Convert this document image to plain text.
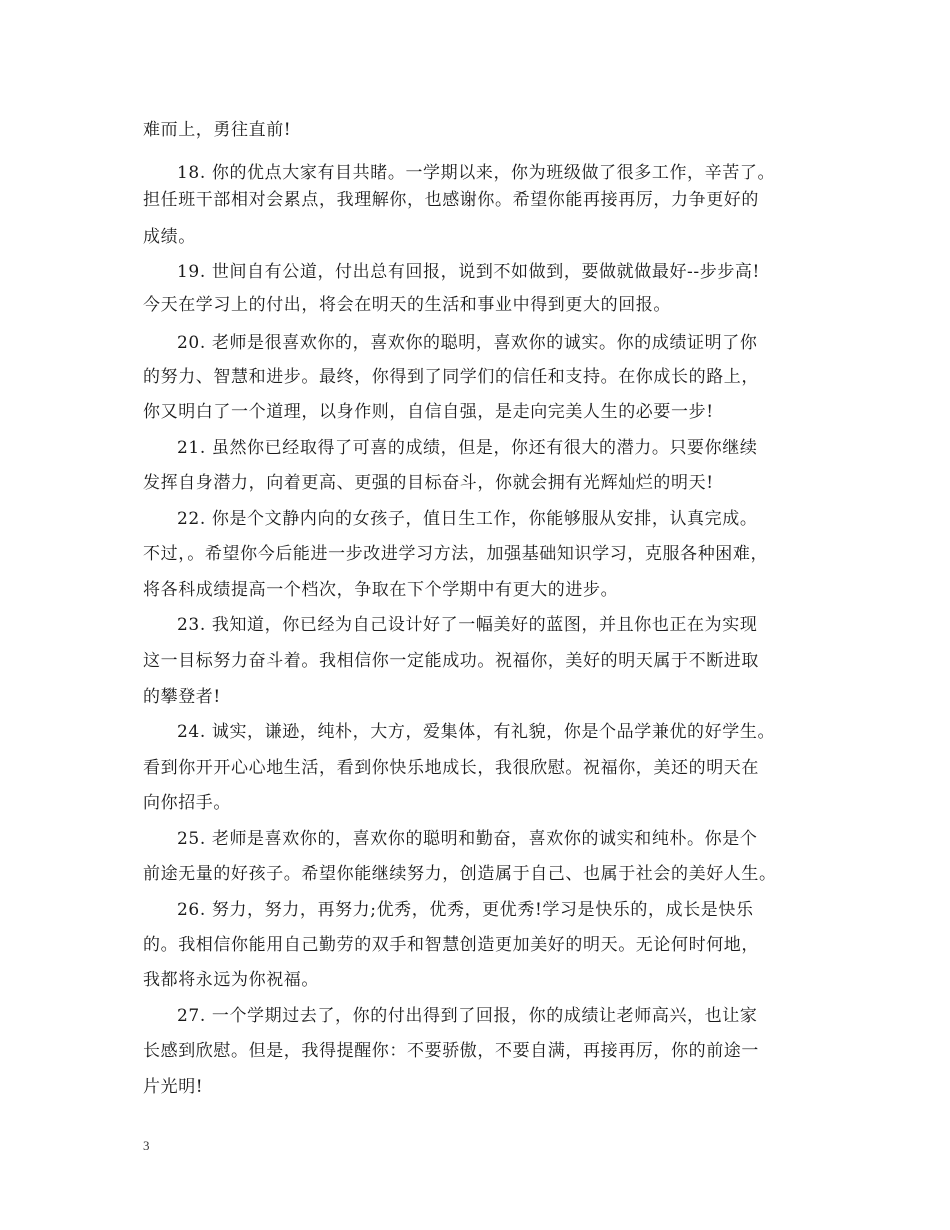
难而上，勇往直前!
18. 你的优点大家有目共睹。一学期以来，你为班级做了很多工作，辛苦了。
担任班干部相对会累点，我理解你，也感谢你。希望你能再接再厉，力争更好的
成绩。
19. 世间自有公道，付出总有回报，说到不如做到，要做就做最好--步步高!
今天在学习上的付出，将会在明天的生活和事业中得到更大的回报。
20. 老师是很喜欢你的，喜欢你的聪明，喜欢你的诚实。你的成绩证明了你
的努力、智慧和进步。最终，你得到了同学们的信任和支持。在你成长的路上，
你又明白了一个道理，以身作则，自信自强，是走向完美人生的必要一步!
21. 虽然你已经取得了可喜的成绩，但是，你还有很大的潜力。只要你继续
发挥自身潜力，向着更高、更强的目标奋斗，你就会拥有光辉灿烂的明天!
22. 你是个文静内向的女孩子，值日生工作，你能够服从安排，认真完成。
不过，。希望你今后能进一步改进学习方法，加强基础知识学习，克服各种困难，
将各科成绩提高一个档次，争取在下个学期中有更大的进步。
23. 我知道，你已经为自己设计好了一幅美好的蓝图，并且你也正在为实现
这一目标努力奋斗着。我相信你一定能成功。祝福你，美好的明天属于不断进取
的攀登者!
24. 诚实，谦逊，纯朴，大方，爱集体，有礼貌，你是个品学兼优的好学生。
看到你开开心心地生活，看到你快乐地成长，我很欣慰。祝福你，美还的明天在
向你招手。
25. 老师是喜欢你的，喜欢你的聪明和勤奋，喜欢你的诚实和纯朴。你是个
前途无量的好孩子。希望你能继续努力，创造属于自己、也属于社会的美好人生。
26. 努力，努力，再努力;优秀，优秀，更优秀!学习是快乐的，成长是快乐
的。我相信你能用自己勤劳的双手和智慧创造更加美好的明天。无论何时何地，
我都将永远为你祝福。
27. 一个学期过去了，你的付出得到了回报，你的成绩让老师高兴，也让家
长感到欣慰。但是，我得提醒你：不要骄傲，不要自满，再接再厉，你的前途一
片光明!
3
